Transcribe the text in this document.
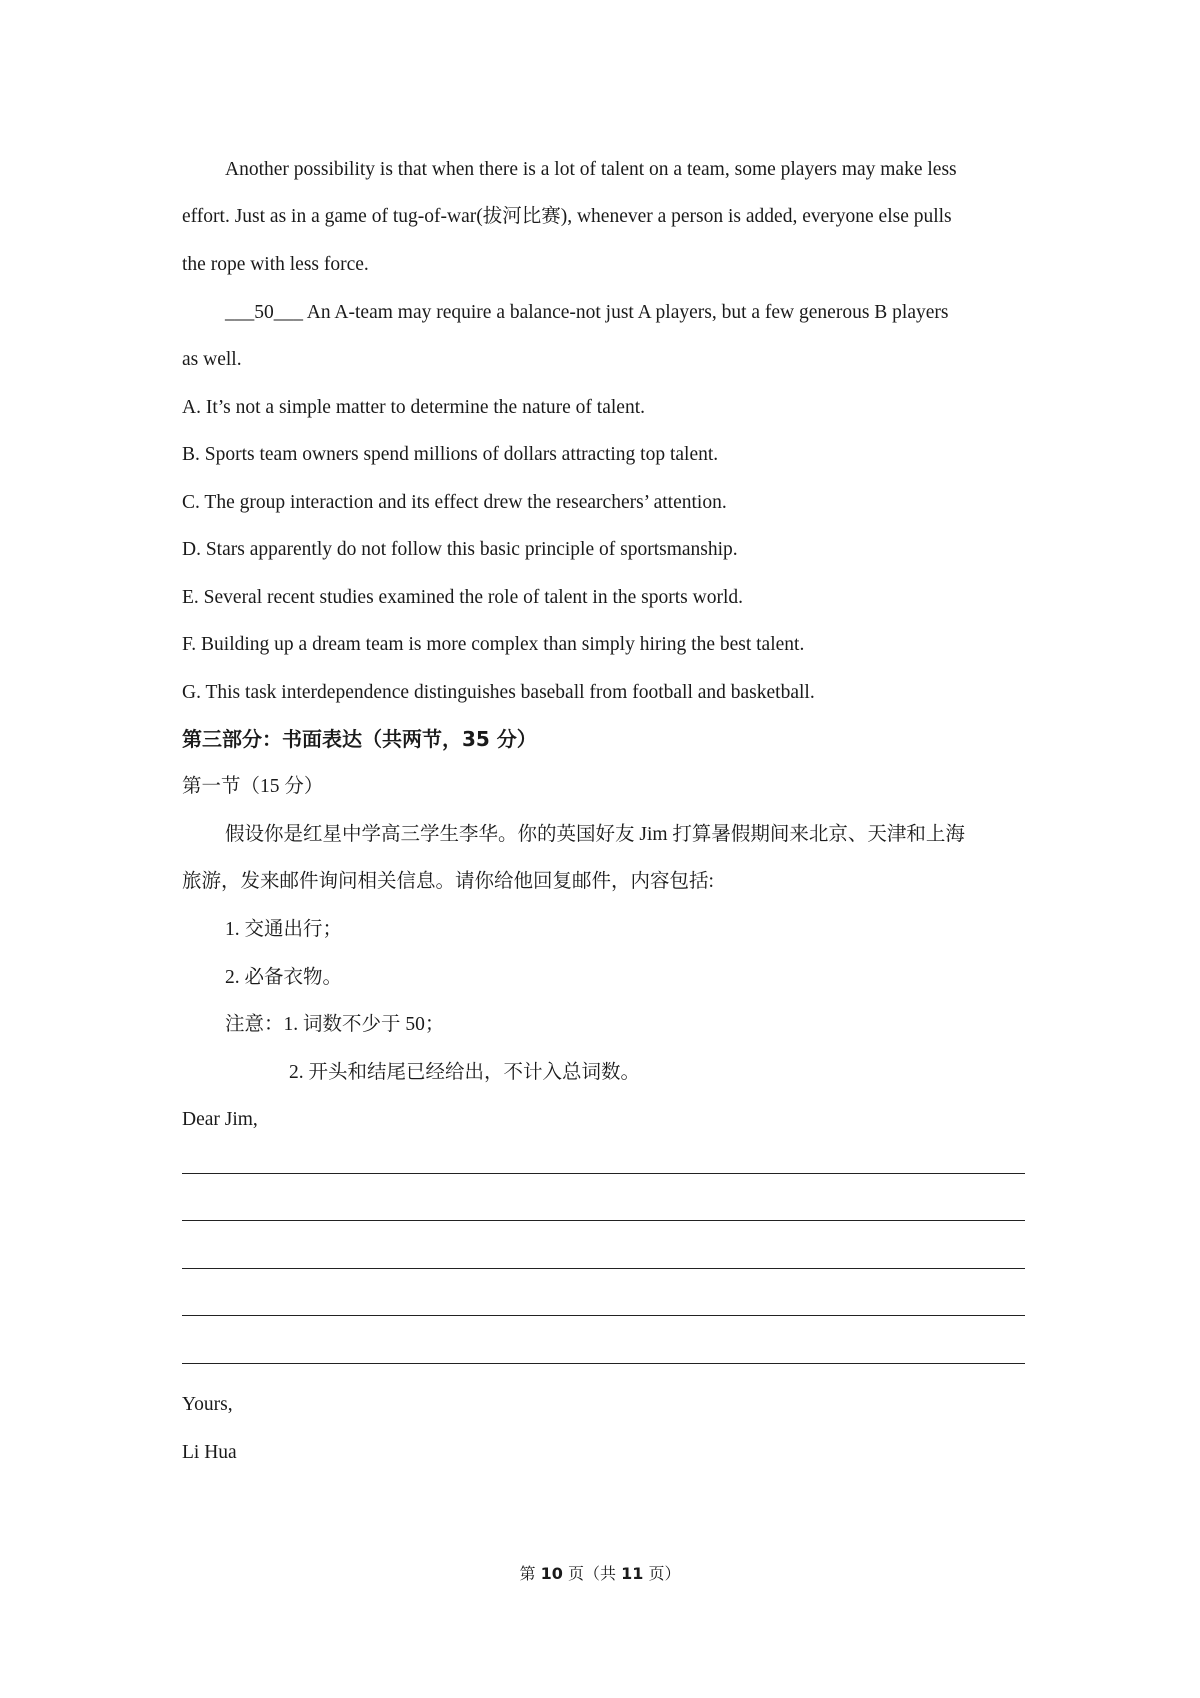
Another possibility is that when there is a lot of talent on a team, some players may make less
effort. Just as in a game of tug-of-war(拔河比赛), whenever a person is added, everyone else pulls
the rope with less force.
___50___ An A-team may require a balance-not just A players, but a few generous B players
as well.
A. It’s not a simple matter to determine the nature of talent.
B. Sports team owners spend millions of dollars attracting top talent.
C. The group interaction and its effect drew the researchers’ attention.
D. Stars apparently do not follow this basic principle of sportsmanship.
E. Several recent studies examined the role of talent in the sports world.
F. Building up a dream team is more complex than simply hiring the best talent.
G. This task interdependence distinguishes baseball from football and basketball.
第三部分：书面表达（共两节，35 分）
第一节（15 分）
假设你是红星中学高三学生李华。你的英国好友 Jim 打算暑假期间来北京、天津和上海
旅游，发来邮件询问相关信息。请你给他回复邮件，内容包括:
1. 交通出行；
2. 必备衣物。
注意：1. 词数不少于 50；
2. 开头和结尾已经给出，不计入总词数。
Dear Jim,
Yours,
Li Hua
第 10 页（共 11 页）
